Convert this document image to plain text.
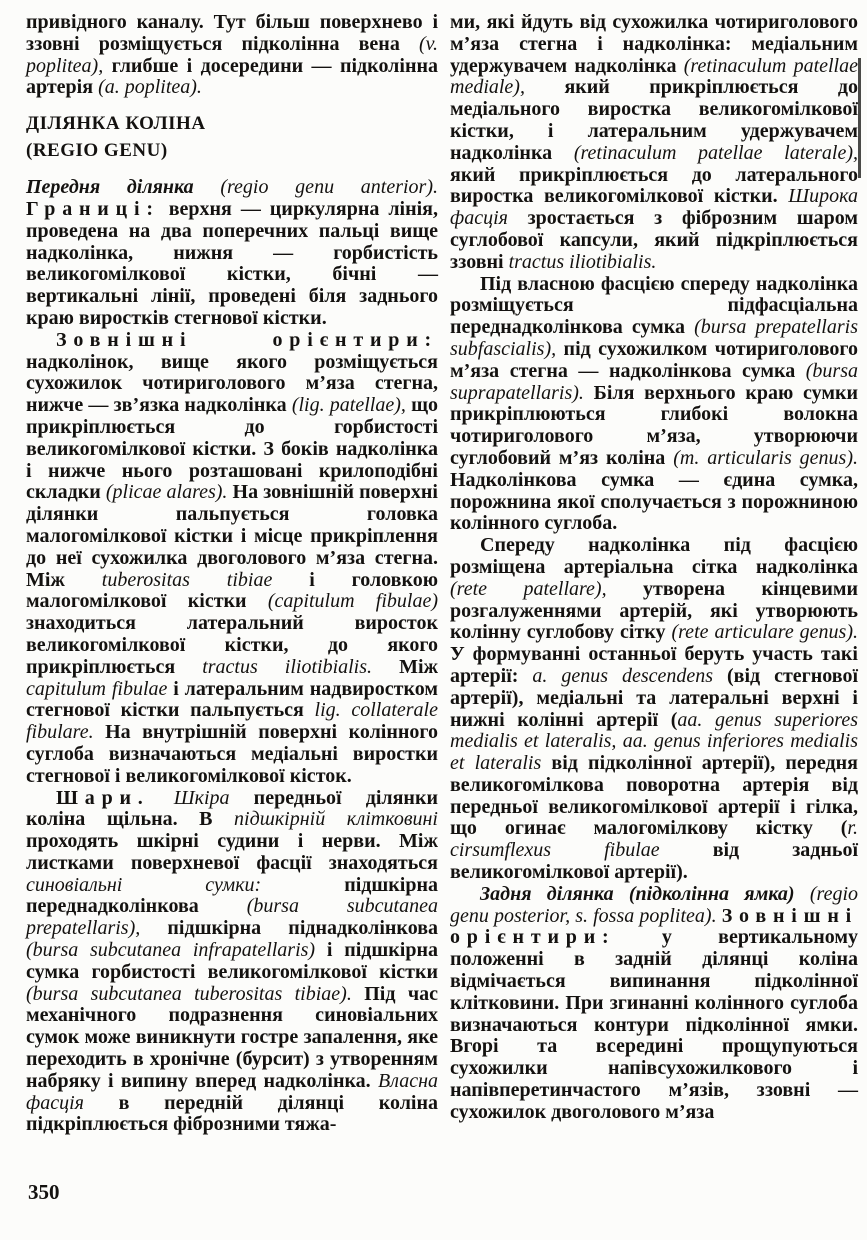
привідного каналу. Тут більш поверхнево і ззовні розміщується підколінна вена (v. poplitea), глибше і досередини — підколінна артерія (a. poplitea).

ДІЛЯНКА КОЛІНА
(REGIO GENU)

Передня ділянка (regio genu anterior). Границі: верхня — циркулярна лінія, проведена на два поперечних пальці вище надколінка, нижня — горбистість великогомілкової кістки, бічні — вертикальні лінії, проведені біля заднього краю виростків стегнової кістки.

Зовнішні орієнтири: надколінок, вище якого розміщується сухожилок чотириголового м’яза стегна, нижче — зв’язка надколінка (lig. patellae), що прикріплюється до горбистості великогомілкової кістки. З боків надколінка і нижче нього розташовані крилоподібні складки (plicae alares). На зовнішній поверхні ділянки пальпується головка малогомілкової кістки і місце прикріплення до неї сухожилка двоголового м’яза стегна. Між tuberositas tibiae і головкою малогомілкової кістки (capitulum fibulae) знаходиться латеральний виросток великогомілкової кістки, до якого прикріплюється tractus iliotibialis. Між capitulum fibulae і латеральним надвиростком стегнової кістки пальпується lig. collaterale fibulare. На внутрішній поверхні колінного суглоба визначаються медіальні виростки стегнової і великогомілкової кісток.

Шари. Шкіра передньої ділянки коліна щільна. В підшкірній клітковині проходять шкірні судини і нерви. Між листками поверхневої фасції знаходяться синовіальні сумки: підшкірна переднадколінкова (bursa subcutanea prepatellaris), підшкірна піднадколінкова (bursa subcutanea infrapatellaris) і підшкірна сумка горбистості великогомілкової кістки (bursa subcutanea tuberositas tibiae). Під час механічного подразнення синовіальних сумок може виникнути гостре запалення, яке переходить в хронічне (бурсит) з утворенням набряку і випину вперед надколінка. Власна фасція в передній ділянці коліна підкріплюється фіброзними тяжа-

ми, які йдуть від сухожилка чотириголового м’яза стегна і надколінка: медіальним удержувачем надколінка (retinaculum patellae mediale), який прикріплюється до медіального виростка великогомілкової кістки, і латеральним удержувачем надколінка (retinaculum patellae laterale), який прикріплюється до латерального виростка великогомілкової кістки. Широка фасція зростається з фіброзним шаром суглобової капсули, який підкріплюється ззовні tractus iliotibialis.

Під власною фасцією спереду надколінка розміщується підфасціальна переднадколінкова сумка (bursa prepatellaris subfascialis), під сухожилком чотириголового м’яза стегна — надколінкова сумка (bursa suprapatellaris). Біля верхнього краю сумки прикріплюються глибокі волокна чотириголового м’яза, утворюючи суглобовий м’яз коліна (m. articularis genus). Надколінкова сумка — єдина сумка, порожнина якої сполучається з порожниною колінного суглоба.

Спереду надколінка під фасцією розміщена артеріальна сітка надколінка (rete patellare), утворена кінцевими розгалуженнями артерій, які утворюють колінну суглобову сітку (rete articulare genus). У формуванні останньої беруть участь такі артерії: a. genus descendens (від стегнової артерії), медіальні та латеральні верхні і нижні колінні артерії (aa. genus superiores medialis et lateralis, aa. genus inferiores medialis et lateralis від підколінної артерії), передня великогомілкова поворотна артерія від передньої великогомілкової артерії і гілка, що огинає малогомілкову кістку (r. cirsumflexus fibulae від задньої великогомілкової артерії).

Задня ділянка (підколінна ямка) (regio genu posterior, s. fossa poplitea). Зовнішні орієнтири: у вертикальному положенні в задній ділянці коліна відмічається випинання підколінної клітковини. При згинанні колінного суглоба визначаються контури підколінної ямки. Вгорі та всередині прощупуються сухожилки напівсухожилкового і напівперетинчастого м’язів, ззовні — сухожилок двоголового м’яза

350
